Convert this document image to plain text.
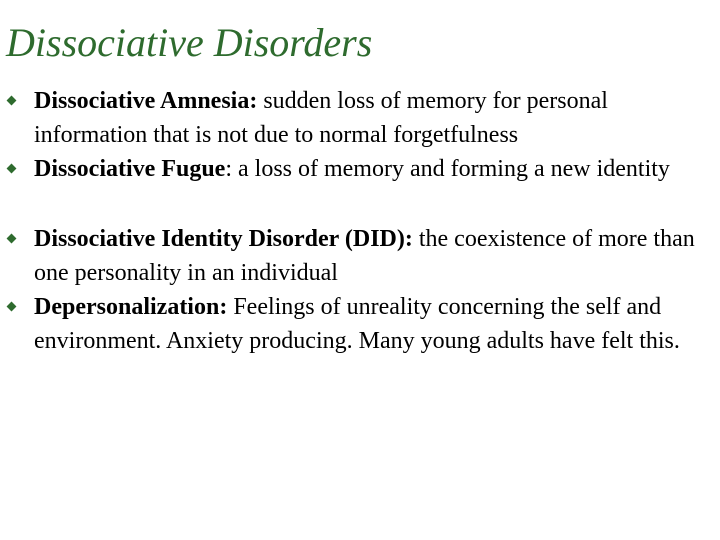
Dissociative Disorders
Dissociative Amnesia: sudden loss of memory for personal information that is not due to normal forgetfulness
Dissociative Fugue: a loss of memory and forming a new identity
Dissociative Identity Disorder (DID): the coexistence of more than one personality in an individual
Depersonalization: Feelings of unreality concerning the self and environment. Anxiety producing. Many young adults have felt this.
